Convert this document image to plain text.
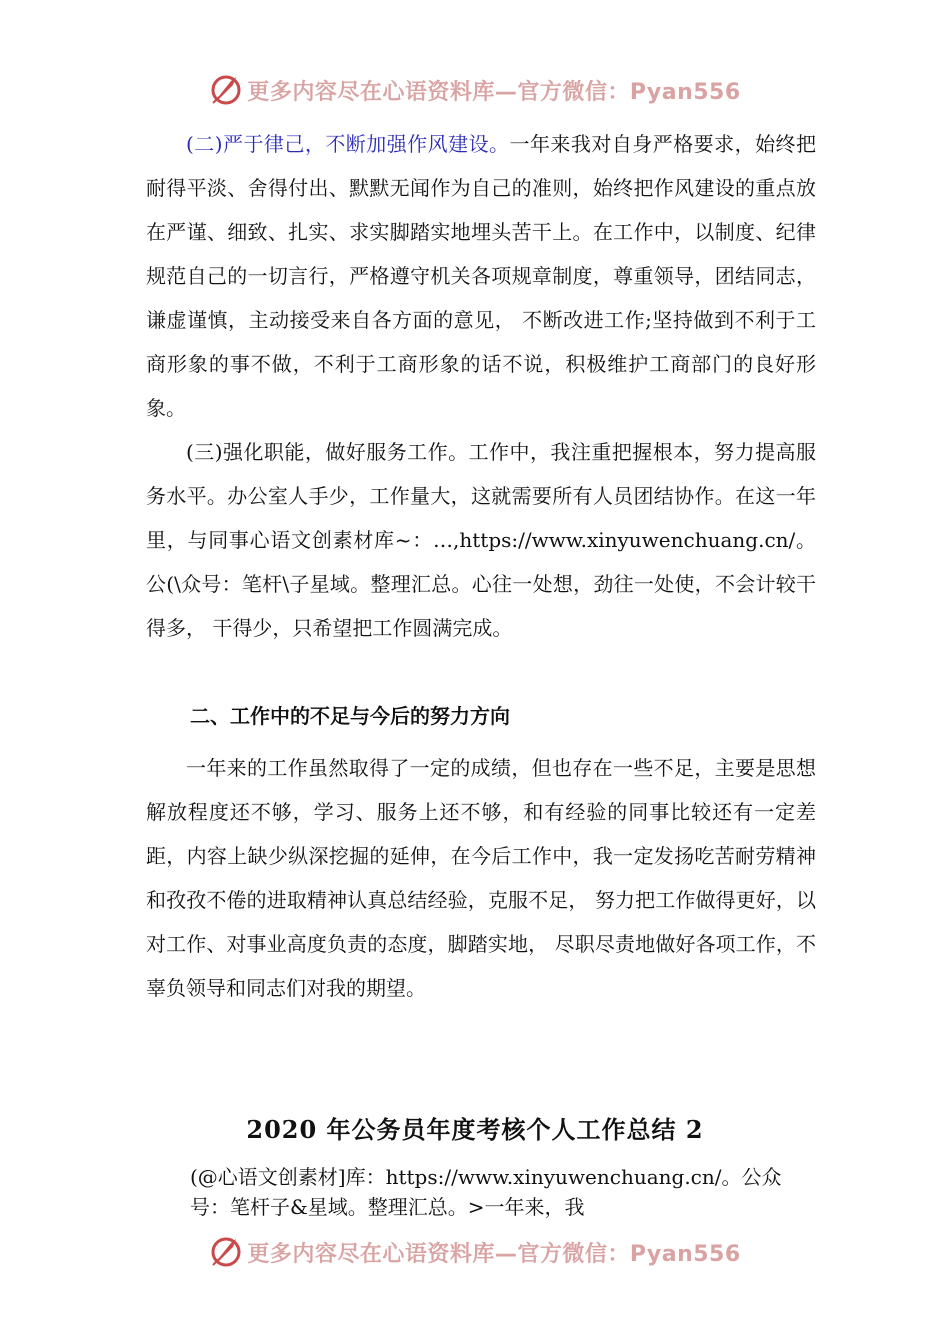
更多内容尽在心语资料库—官方微信：Pyan556

(二)严于律己，不断加强作风建设。一年来我对自身严格要求，始终把耐得平淡、舍得付出、默默无闻作为自己的准则，始终把作风建设的重点放在严谨、细致、扎实、求实脚踏实地埋头苦干上。在工作中，以制度、纪律规范自己的一切言行，严格遵守机关各项规章制度，尊重领导，团结同志，谦虚谨慎，主动接受来自各方面的意见， 不断改进工作;坚持做到不利于工商形象的事不做，不利于工商形象的话不说，积极维护工商部门的良好形象。

(三)强化职能，做好服务工作。工作中，我注重把握根本，努力提高服务水平。办公室人手少，工作量大，这就需要所有人员团结协作。在这一年里，与同事心语文创素材库~：…,https://www.xinyuwenchuang.cn/。公(\众号：笔杆\子星域。整理汇总。心往一处想，劲往一处使，不会计较干得多， 干得少，只希望把工作圆满完成。

二、工作中的不足与今后的努力方向

一年来的工作虽然取得了一定的成绩，但也存在一些不足，主要是思想解放程度还不够，学习、服务上还不够，和有经验的同事比较还有一定差距，内容上缺少纵深挖掘的延伸，在今后工作中，我一定发扬吃苦耐劳精神和孜孜不倦的进取精神认真总结经验，克服不足， 努力把工作做得更好，以对工作、对事业高度负责的态度，脚踏实地， 尽职尽责地做好各项工作，不辜负领导和同志们对我的期望。

2020 年公务员年度考核个人工作总结 2
(@心语文创素材]库：https://www.xinyuwenchuang.cn/。公众号：笔杆子&星域。整理汇总。>一年来，我
更多内容尽在心语资料库—官方微信：Pyan556
